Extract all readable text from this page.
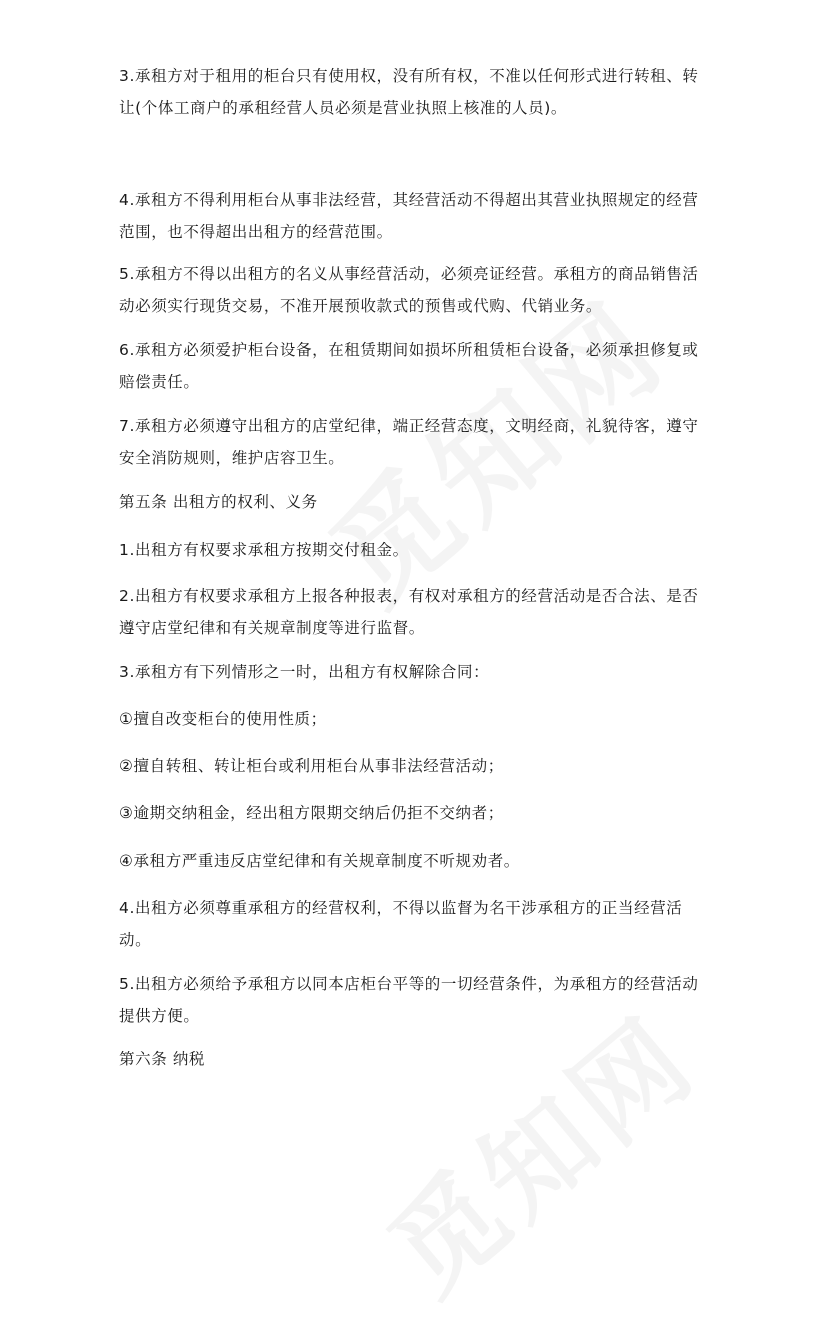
3.承租方对于租用的柜台只有使用权，没有所有权，不准以任何形式进行转租、转让(个体工商户的承租经营人员必须是营业执照上核准的人员)。

4.承租方不得利用柜台从事非法经营，其经营活动不得超出其营业执照规定的经营范围，也不得超出出租方的经营范围。

5.承租方不得以出租方的名义从事经营活动，必须亮证经营。承租方的商品销售活动必须实行现货交易，不准开展预收款式的预售或代购、代销业务。

6.承租方必须爱护柜台设备，在租赁期间如损坏所租赁柜台设备，必须承担修复或赔偿责任。

7.承租方必须遵守出租方的店堂纪律，端正经营态度，文明经商，礼貌待客，遵守安全消防规则，维护店容卫生。

第五条 出租方的权利、义务

1.出租方有权要求承租方按期交付租金。

2.出租方有权要求承租方上报各种报表，有权对承租方的经营活动是否合法、是否遵守店堂纪律和有关规章制度等进行监督。

3.承租方有下列情形之一时，出租方有权解除合同：

①擅自改变柜台的使用性质；

②擅自转租、转让柜台或利用柜台从事非法经营活动；

③逾期交纳租金，经出租方限期交纳后仍拒不交纳者；

④承租方严重违反店堂纪律和有关规章制度不听规劝者。

4.出租方必须尊重承租方的经营权利，不得以监督为名干涉承租方的正当经营活动。

5.出租方必须给予承租方以同本店柜台平等的一切经营条件，为承租方的经营活动提供方便。

第六条 纳税
